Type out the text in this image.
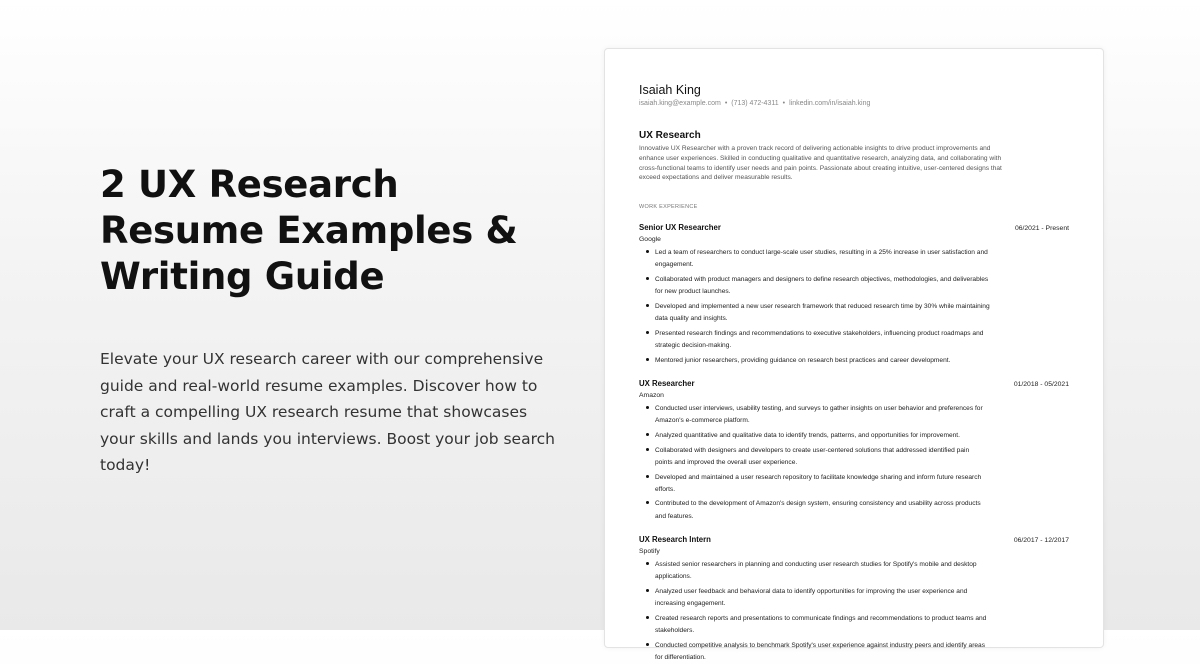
2 UX Research
Resume Examples &
Writing Guide

Elevate your UX research career with our comprehensive
guide and real-world resume examples. Discover how to
craft a compelling UX research resume that showcases
your skills and lands you interviews. Boost your job search
today!

Isaiah King
isaiah.king@example.com • (713) 472-4311 • linkedin.com/in/isaiah.king
UX Research
Innovative UX Researcher with a proven track record of delivering actionable insights to drive product improvements and
enhance user experiences. Skilled in conducting qualitative and quantitative research, analyzing data, and collaborating with
cross-functional teams to identify user needs and pain points. Passionate about creating intuitive, user-centered designs that
exceed expectations and deliver measurable results.
WORK EXPERIENCE
Senior UX Researcher	06/2021 - Present
Google
Led a team of researchers to conduct large-scale user studies, resulting in a 25% increase in user satisfaction and
engagement.
Collaborated with product managers and designers to define research objectives, methodologies, and deliverables
for new product launches.
Developed and implemented a new user research framework that reduced research time by 30% while maintaining
data quality and insights.
Presented research findings and recommendations to executive stakeholders, influencing product roadmaps and
strategic decision-making.
Mentored junior researchers, providing guidance on research best practices and career development.
UX Researcher	01/2018 - 05/2021
Amazon
Conducted user interviews, usability testing, and surveys to gather insights on user behavior and preferences for
Amazon's e-commerce platform.
Analyzed quantitative and qualitative data to identify trends, patterns, and opportunities for improvement.
Collaborated with designers and developers to create user-centered solutions that addressed identified pain
points and improved the overall user experience.
Developed and maintained a user research repository to facilitate knowledge sharing and inform future research
efforts.
Contributed to the development of Amazon's design system, ensuring consistency and usability across products
and features.
UX Research Intern	06/2017 - 12/2017
Spotify
Assisted senior researchers in planning and conducting user research studies for Spotify's mobile and desktop
applications.
Analyzed user feedback and behavioral data to identify opportunities for improving the user experience and
increasing engagement.
Created research reports and presentations to communicate findings and recommendations to product teams and
stakeholders.
Conducted competitive analysis to benchmark Spotify's user experience against industry peers and identify areas
for differentiation.
